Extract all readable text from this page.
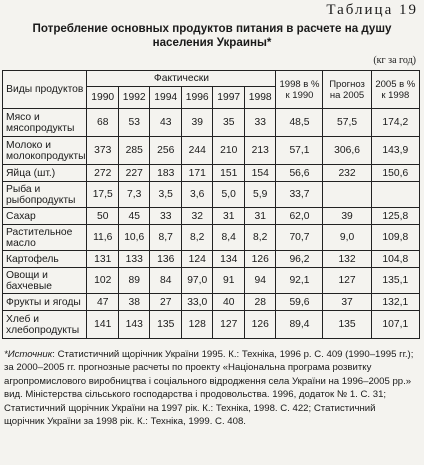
Таблица 19
Потребление основных продуктов питания в расчете на душу населения Украины*
(кг за год)
Виды продуктов	Фактически						1998 в % к 1990	Прогноз на 2005	2005 в % к 1998
	1990	1992	1994	1996	1997	1998			
Мясо и мясопродукты	68	53	43	39	35	33	48,5	57,5	174,2
Молоко и молокопродукты	373	285	256	244	210	213	57,1	306,6	143,9
Яйца (шт.)	272	227	183	171	151	154	56,6	232	150,6
Рыба и рыбопродукты	17,5	7,3	3,5	3,6	5,0	5,9	33,7		
Сахар	50	45	33	32	31	31	62,0	39	125,8
Растительное масло	11,6	10,6	8,7	8,2	8,4	8,2	70,7	9,0	109,8
Картофель	131	133	136	124	134	126	96,2	132	104,8
Овощи и бахчевые	102	89	84	97,0	91	94	92,1	127	135,1
Фрукты и ягоды	47	38	27	33,0	40	28	59,6	37	132,1
Хлеб и хлебопродукты	141	143	135	128	127	126	89,4	135	107,1
*Источник: Статистичний щорічник України 1995. К.: Техніка, 1996 р. С. 409 (1990–1995 гг.); за 2000–2005 гг. прогнозные расчеты по проекту «Національна програма розвитку агропромислового виробництва і соціального відродження села України на 1996–2005 рр.» вид. Міністерства сільського господарства і продовольства. 1996, додаток № 1. С. 31; Статистичний щорічник України на 1997 рік. К.: Техніка, 1998. С. 422; Статистичний щорічник України за 1998 рік. К.: Техніка, 1999. С. 408.
